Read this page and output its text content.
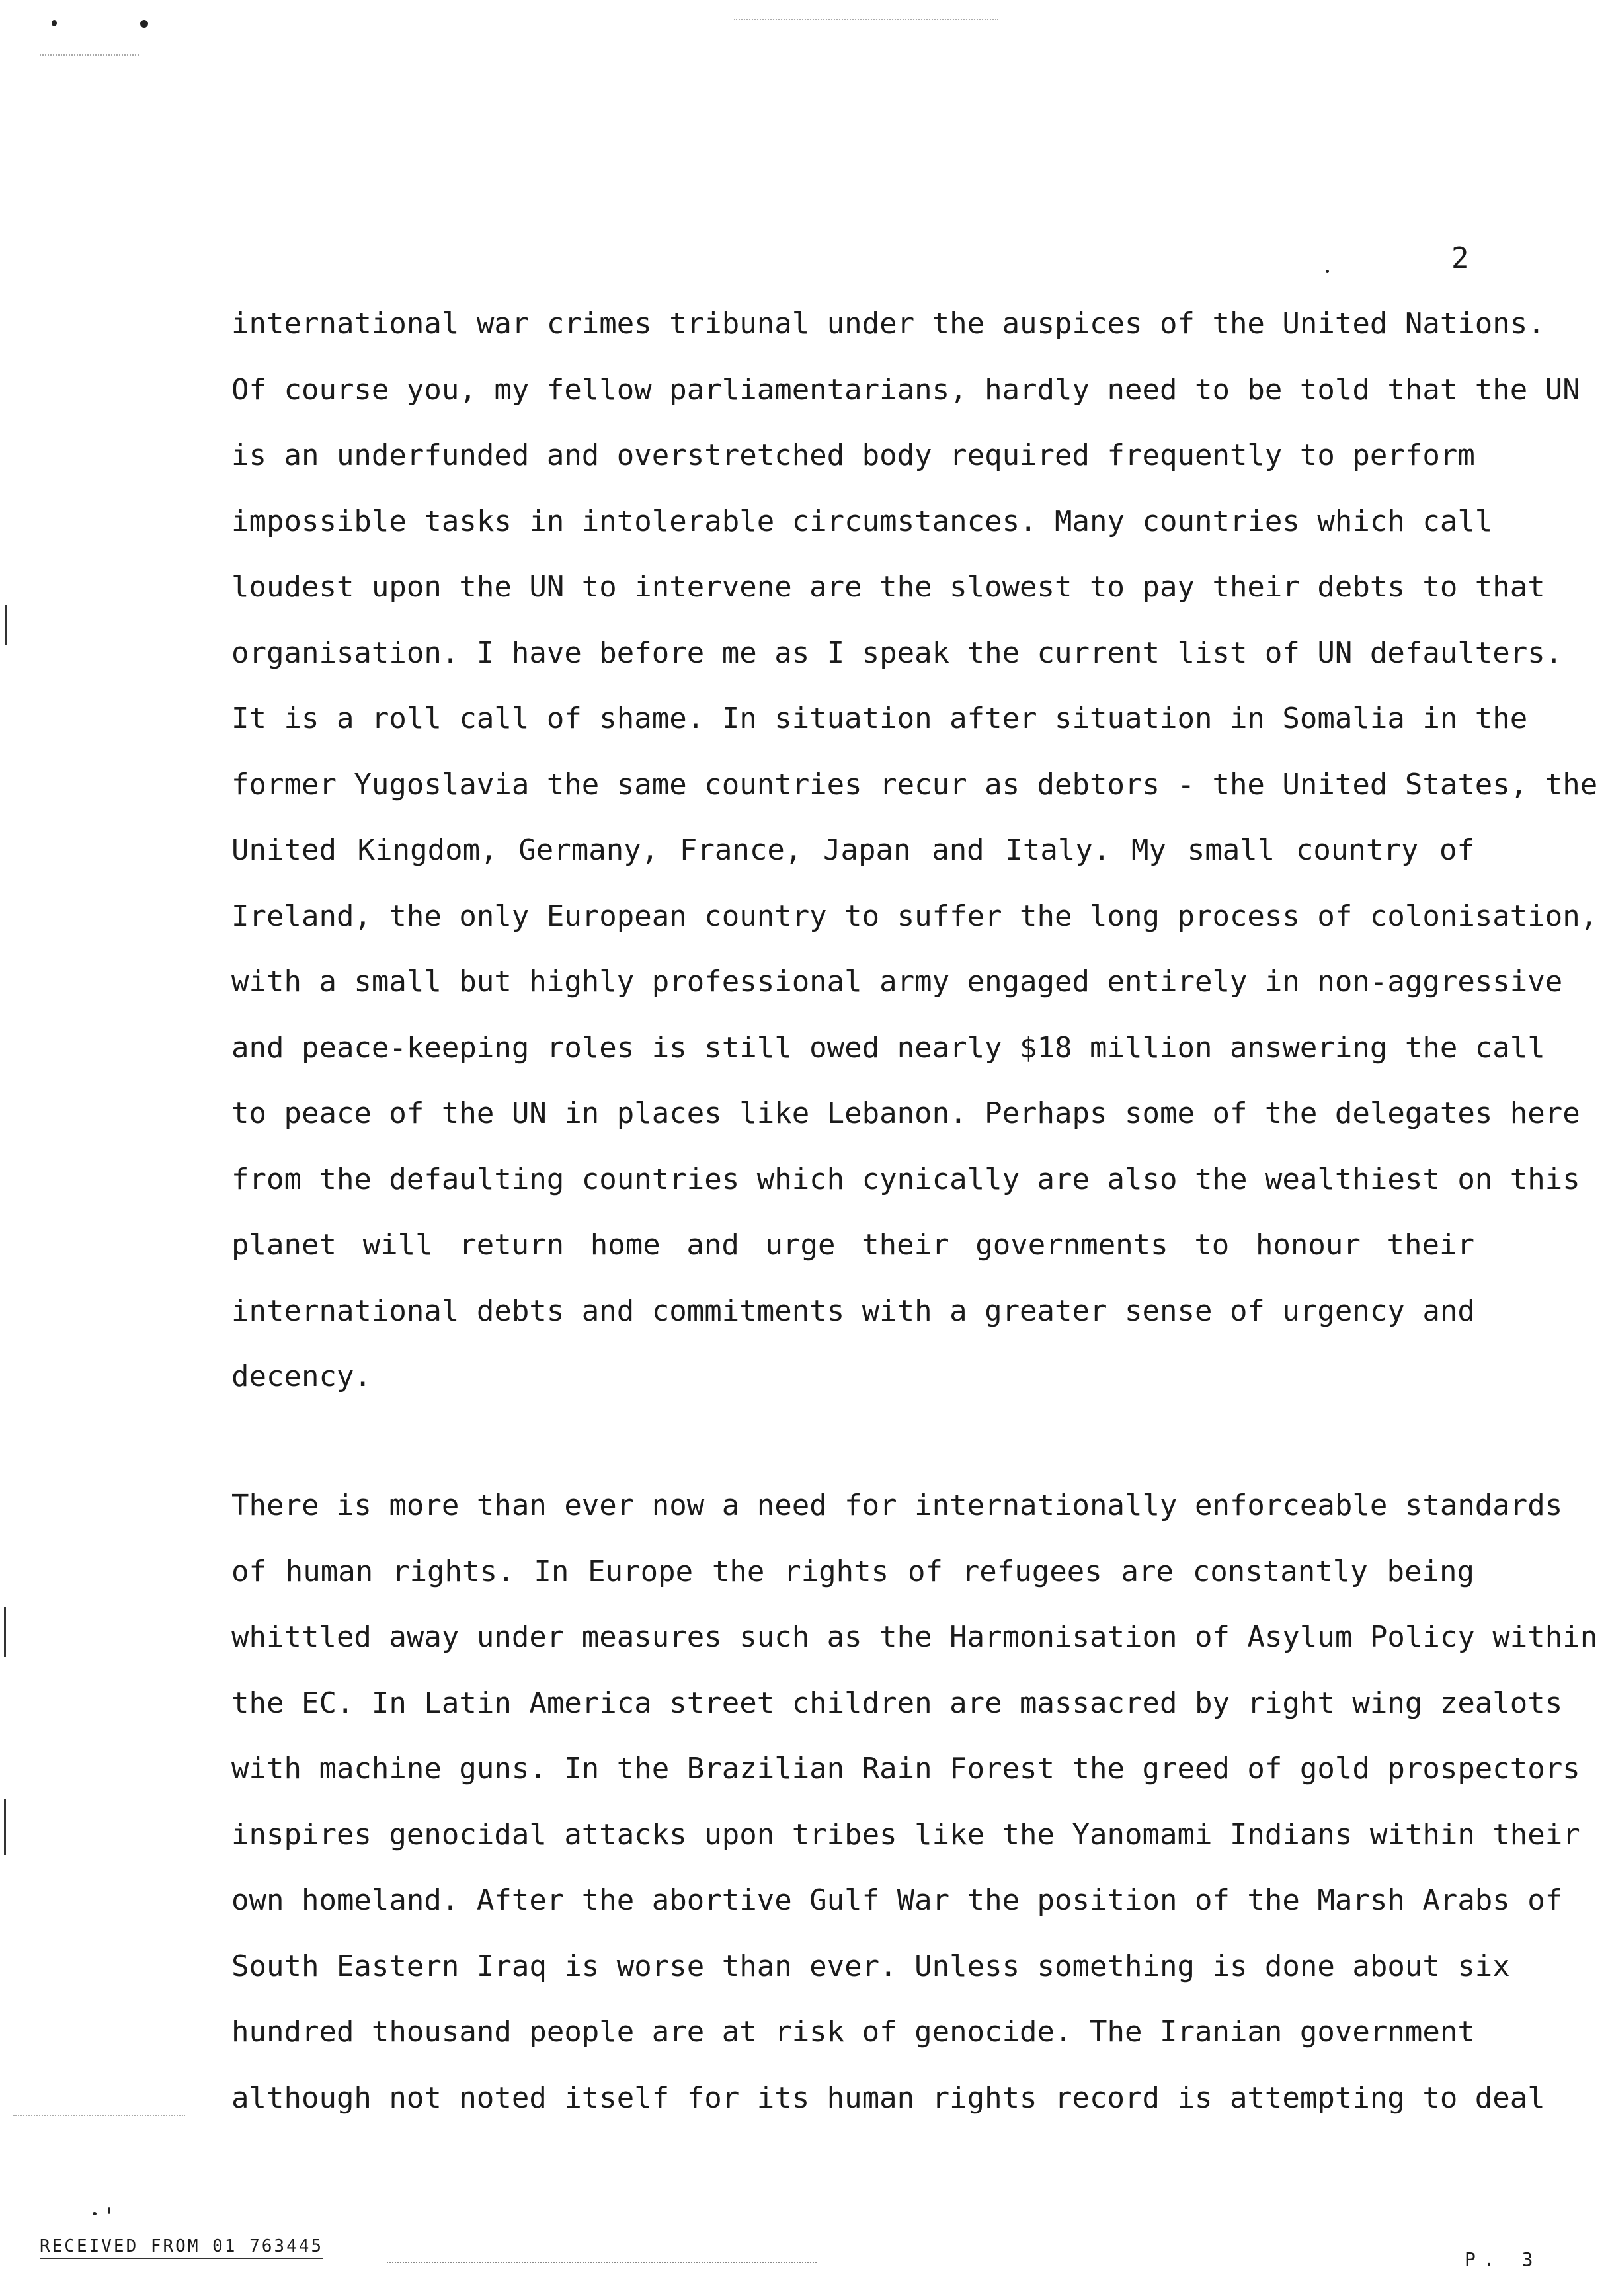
2
international war crimes tribunal under the auspices of the United Nations.
Of course you, my fellow parliamentarians, hardly need to be told that the UN
is an underfunded and overstretched body required frequently to perform
impossible tasks in intolerable circumstances. Many countries which call
loudest upon the UN to intervene are the slowest to pay their debts to that
organisation. I have before me as I speak the current list of UN defaulters.
It is a roll call of shame. In situation after situation in Somalia in the
former Yugoslavia the same countries recur as debtors - the United States, the
United Kingdom, Germany, France, Japan and Italy. My small country of
Ireland, the only European country to suffer the long process of colonisation,
with a small but highly professional army engaged entirely in non-aggressive
and peace-keeping roles is still owed nearly $18 million answering the call
to peace of the UN in places like Lebanon. Perhaps some of the delegates here
from the defaulting countries which cynically are also the wealthiest on this
planet will return home and urge their governments to honour their
international debts and commitments with a greater sense of urgency and
decency.
There is more than ever now a need for internationally enforceable standards
of human rights. In Europe the rights of refugees are constantly being
whittled away under measures such as the Harmonisation of Asylum Policy within
the EC. In Latin America street children are massacred by right wing zealots
with machine guns. In the Brazilian Rain Forest the greed of gold prospectors
inspires genocidal attacks upon tribes like the Yanomami Indians within their
own homeland. After the abortive Gulf War the position of the Marsh Arabs of
South Eastern Iraq is worse than ever. Unless something is done about six
hundred thousand people are at risk of genocide. The Iranian government
although not noted itself for its human rights record is attempting to deal
RECEIVED FROM 01 763445
P. 3
